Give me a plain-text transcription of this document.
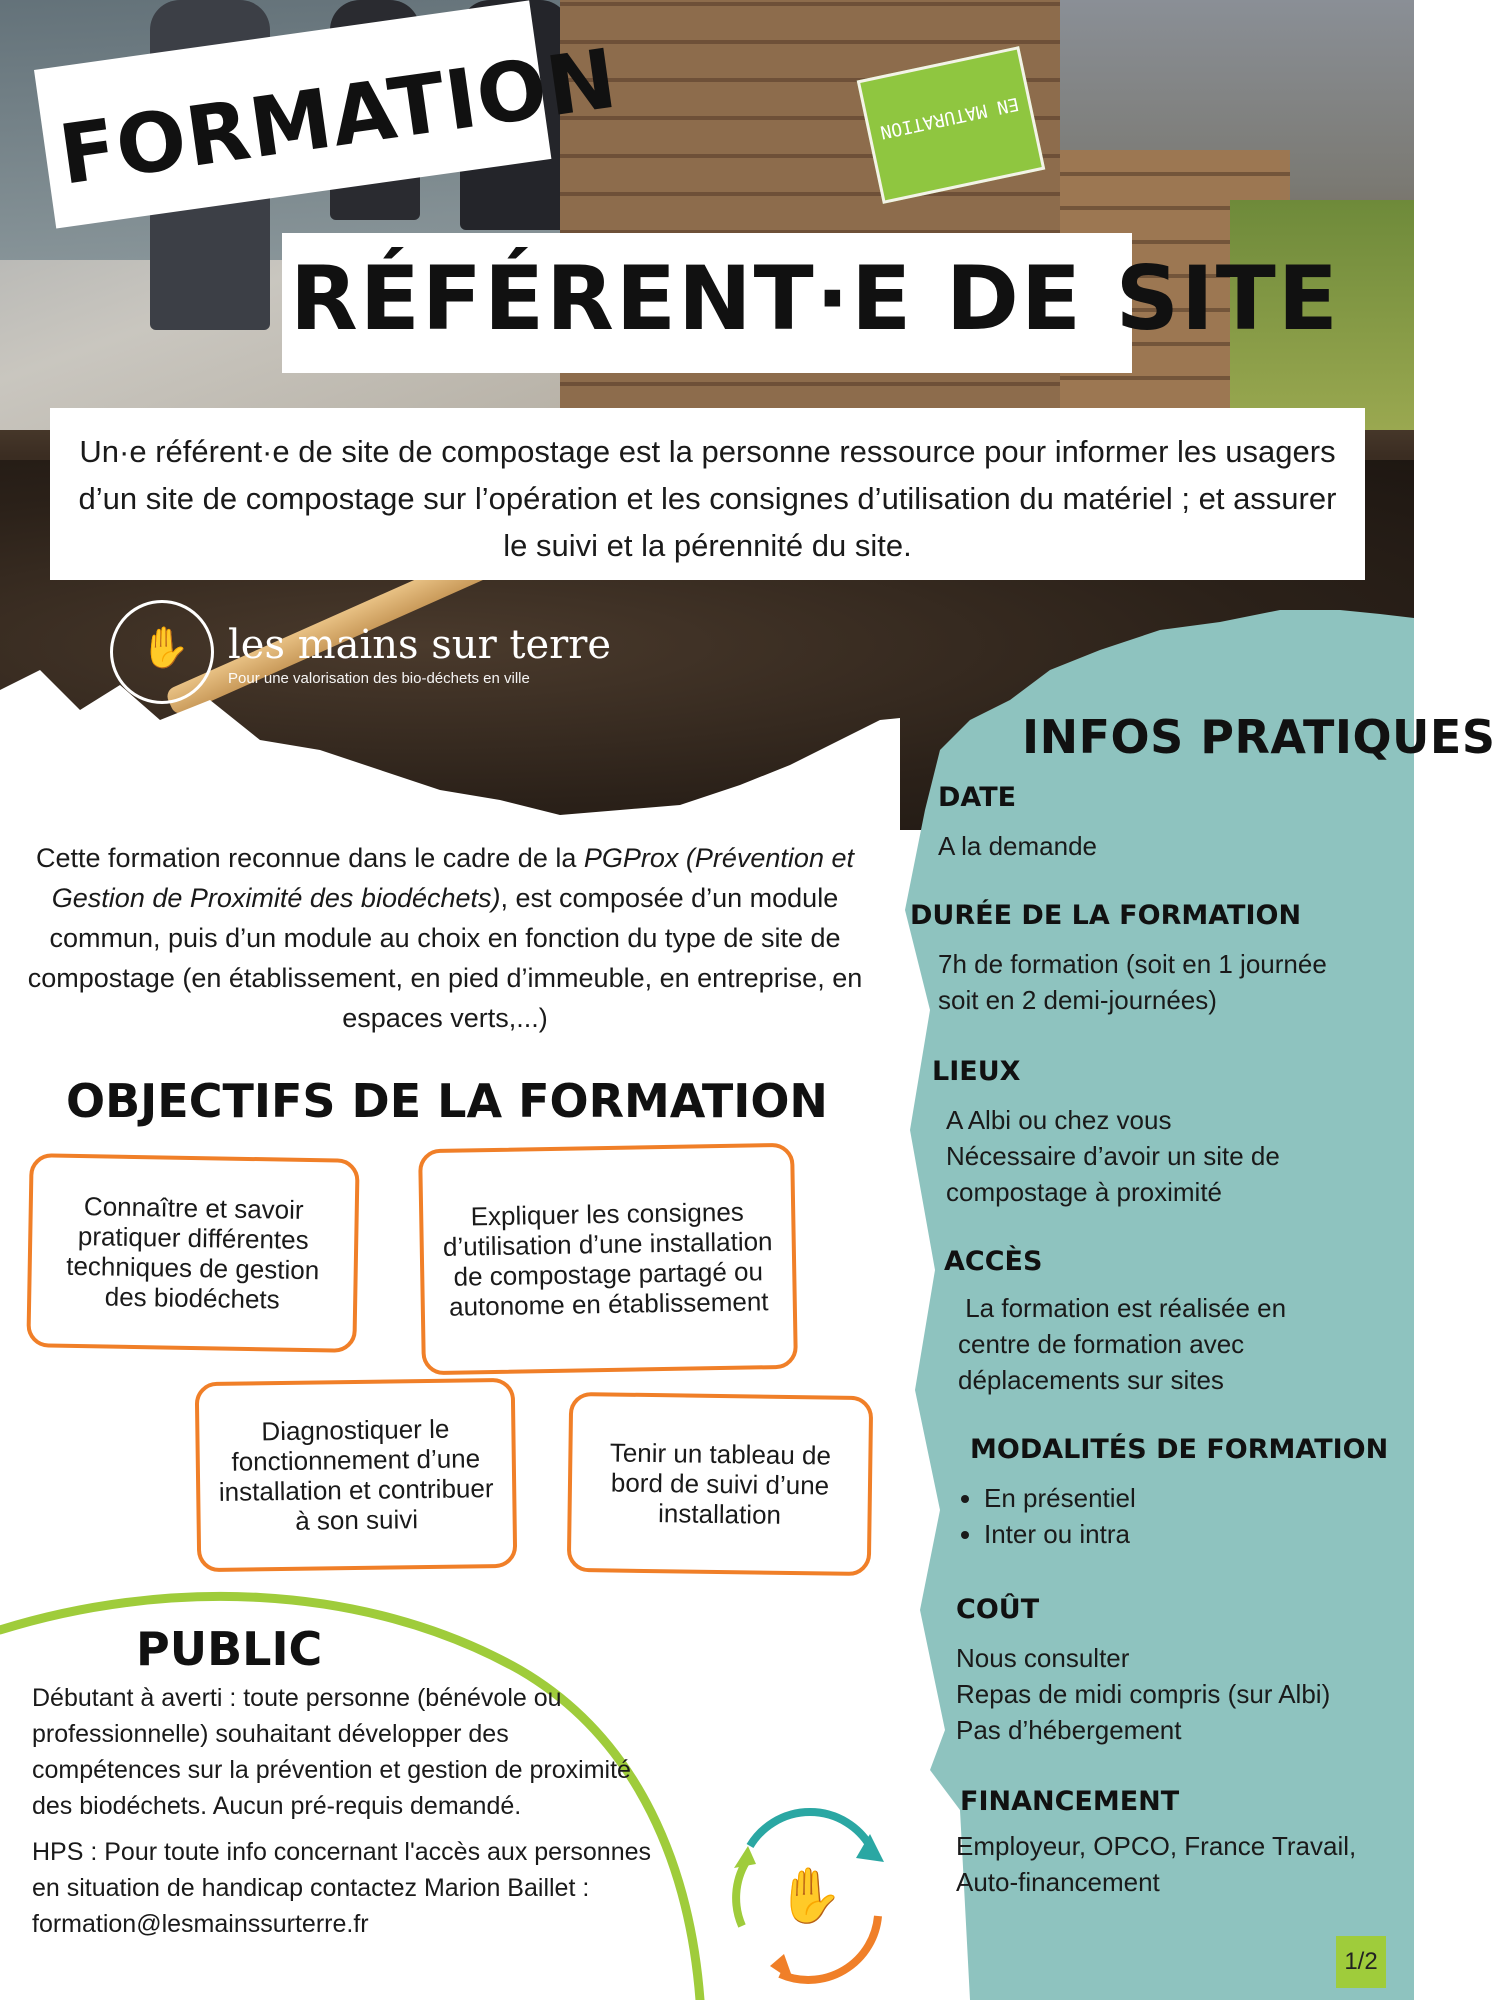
EN MATURATION
INFOS PRATIQUES
DATE
A la demande
DURÉE DE LA FORMATION
7h de formation (soit en 1 journée
soit en 2 demi-journées)
LIEUX
A Albi ou chez vous
Nécessaire d’avoir un site de
compostage à proximité
ACCÈS
La formation est réalisée en
centre de formation avec
déplacements sur sites
MODALITÉS DE FORMATION
• En présentiel
• Inter ou intra
COÛT
Nous consulter
Repas de midi compris (sur Albi)
Pas d’hébergement
FINANCEMENT
Employeur, OPCO, France Travail,
Auto-financement
FORMATION
RÉFÉRENT·E DE SITE
Un·e référent·e de site de compostage est la personne ressource pour informer les usagers d’un site de compostage sur l’opération et les consignes d’utilisation du matériel ; et assurer le suivi et la pérennité du site.
✋ les mains sur terre
Pour une valorisation des bio-déchets en ville
Cette formation reconnue dans le cadre de la PGProx (Prévention et Gestion de Proximité des biodéchets), est composée d’un module commun, puis d’un module au choix en fonction du type de site de compostage (en établissement, en pied d’immeuble, en entreprise, en espaces verts,...)
OBJECTIFS DE LA FORMATION
Connaître et savoir pratiquer différentes techniques de gestion des biodéchets
Expliquer les consignes d’utilisation d’une installation de compostage partagé ou autonome en établissement
Diagnostiquer le fonctionnement d’une installation et contribuer à son suivi
Tenir un tableau de bord de suivi d’une installation
PUBLIC

Débutant à averti : toute personne (bénévole ou professionnelle) souhaitant développer des compétences sur la prévention et gestion de proximité des biodéchets. Aucun pré-requis demandé.

HPS : Pour toute info concernant l'accès aux personnes en situation de handicap contactez Marion Baillet : formation@lesmainssurterre.fr	✋
1/2
